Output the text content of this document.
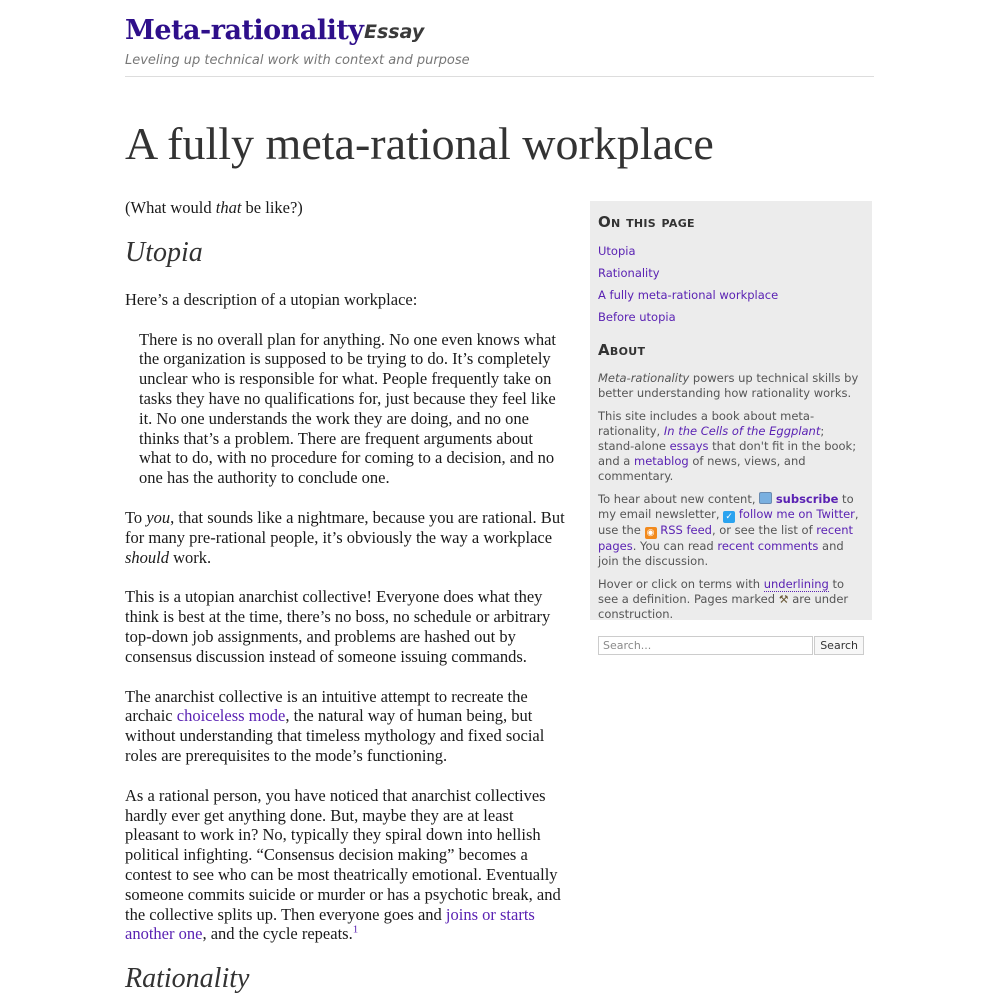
Meta-rationality Essay
Leveling up technical work with context and purpose
A fully meta-rational workplace

(What would that be like?)

Utopia

Here’s a description of a utopian workplace:

There is no overall plan for anything. No one even knows what the organization is supposed to be trying to do. It’s completely unclear who is responsible for what. People frequently take on tasks they have no qualifications for, just because they feel like it. No one understands the work they are doing, and no one thinks that’s a problem. There are frequent arguments about what to do, with no procedure for coming to a decision, and no one has the authority to conclude one.

To you, that sounds like a nightmare, because you are rational. But for many pre-rational people, it’s obviously the way a workplace should work.

This is a utopian anarchist collective! Everyone does what they think is best at the time, there’s no boss, no schedule or arbitrary top-down job assignments, and problems are hashed out by consensus discussion instead of someone issuing commands.

The anarchist collective is an intuitive attempt to recreate the archaic choiceless mode, the natural way of human being, but without understanding that timeless mythology and fixed social roles are prerequisites to the mode’s functioning.

As a rational person, you have noticed that anarchist collectives hardly ever get anything done. But, maybe they are at least pleasant to work in? No, typically they spiral down into hellish political infighting. “Consensus decision making” becomes a contest to see who can be most theatrically emotional. Eventually someone commits suicide or murder or has a psychotic break, and the collective splits up. Then everyone goes and joins or starts another one, and the cycle repeats.$^1$

Rationality
On this page
Utopia
Rationality
A fully meta-rational workplace
Before utopia
About

Meta-rationality powers up technical skills by better understanding how rationality works.

This site includes a book about meta-rationality, In the Cells of the Eggplant; stand-alone essays that don't fit in the book; and a metablog of news, views, and commentary.

To hear about new content,  subscribe to my email newsletter, ✓ follow me on Twitter, use the ◉ RSS feed, or see the list of recent pages. You can read recent comments and join the discussion.

Hover or click on terms with underlining to see a definition. Pages marked ⚒ are under construction.

Search...
Search
